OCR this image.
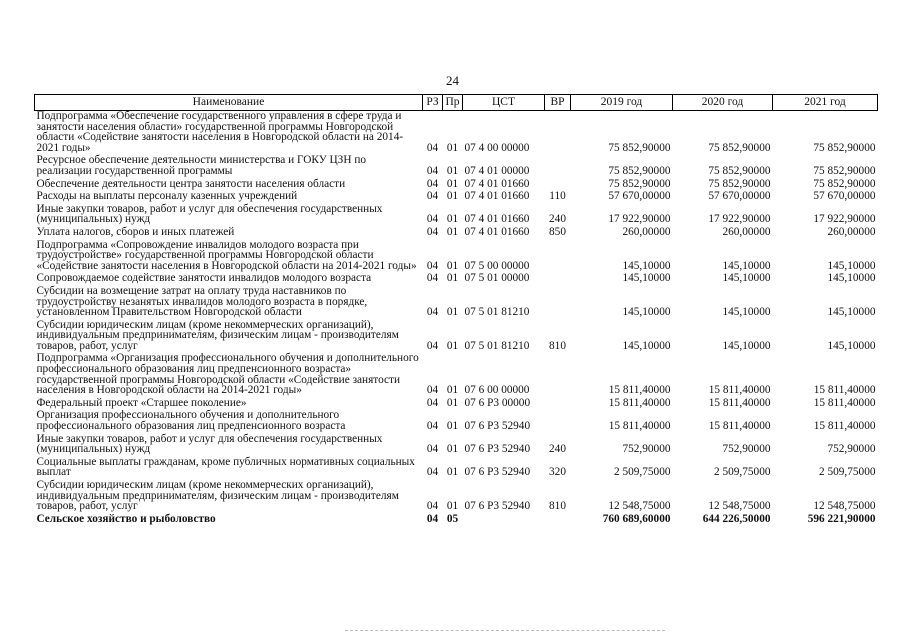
24
Наименование	РЗ	Пр	ЦСТ	ВР	2019 год	2020 год	2021 год
Подпрограмма «Обеспечение государственного управления в сфере труда и занятости населения области» государственной программы Новгородской области «Содействие занятости населения в Новгородской области на 2014-2021 годы»	04	01	07 4 00 00000		75 852,90000	75 852,90000	75 852,90000
Ресурсное обеспечение деятельности министерства и ГОКУ ЦЗН по реализации государственной программы	04	01	07 4 01 00000		75 852,90000	75 852,90000	75 852,90000
Обеспечение деятельности центра занятости населения области	04	01	07 4 01 01660		75 852,90000	75 852,90000	75 852,90000
Расходы на выплаты персоналу казенных учреждений	04	01	07 4 01 01660	110	57 670,00000	57 670,00000	57 670,00000
Иные закупки товаров, работ и услуг для обеспечения государственных (муниципальных) нужд	04	01	07 4 01 01660	240	17 922,90000	17 922,90000	17 922,90000
Уплата налогов, сборов и иных платежей	04	01	07 4 01 01660	850	260,00000	260,00000	260,00000
Подпрограмма «Сопровождение инвалидов молодого возраста при трудоустройстве» государственной программы Новгородской области «Содействие занятости населения в Новгородской области на 2014-2021 годы»	04	01	07 5 00 00000		145,10000	145,10000	145,10000
Сопровождаемое содействие занятости инвалидов молодого возраста	04	01	07 5 01 00000		145,10000	145,10000	145,10000
Субсидии на возмещение затрат на оплату труда наставников по трудоустройству незанятых инвалидов молодого возраста в порядке, установленном Правительством Новгородской области	04	01	07 5 01 81210		145,10000	145,10000	145,10000
Субсидии юридическим лицам (кроме некоммерческих организаций), индивидуальным предпринимателям, физическим лицам - производителям товаров, работ, услуг	04	01	07 5 01 81210	810	145,10000	145,10000	145,10000
Подпрограмма «Организация профессионального обучения и дополнительного профессионального образования лиц предпенсионного возраста» государственной программы Новгородской области «Содействие занятости населения в Новгородской области на 2014-2021 годы»	04	01	07 6 00 00000		15 811,40000	15 811,40000	15 811,40000
Федеральный проект «Старшее поколение»	04	01	07 6 P3 00000		15 811,40000	15 811,40000	15 811,40000
Организация профессионального обучения и дополнительного профессионального образования лиц предпенсионного возраста	04	01	07 6 P3 52940		15 811,40000	15 811,40000	15 811,40000
Иные закупки товаров, работ и услуг для обеспечения государственных (муниципальных) нужд	04	01	07 6 P3 52940	240	752,90000	752,90000	752,90000
Социальные выплаты гражданам, кроме публичных нормативных социальных выплат	04	01	07 6 P3 52940	320	2 509,75000	2 509,75000	2 509,75000
Субсидии юридическим лицам (кроме некоммерческих организаций), индивидуальным предпринимателям, физическим лицам - производителям товаров, работ, услуг	04	01	07 6 P3 52940	810	12 548,75000	12 548,75000	12 548,75000
Сельское хозяйство и рыболовство	04	05			760 689,60000	644 226,50000	596 221,90000
